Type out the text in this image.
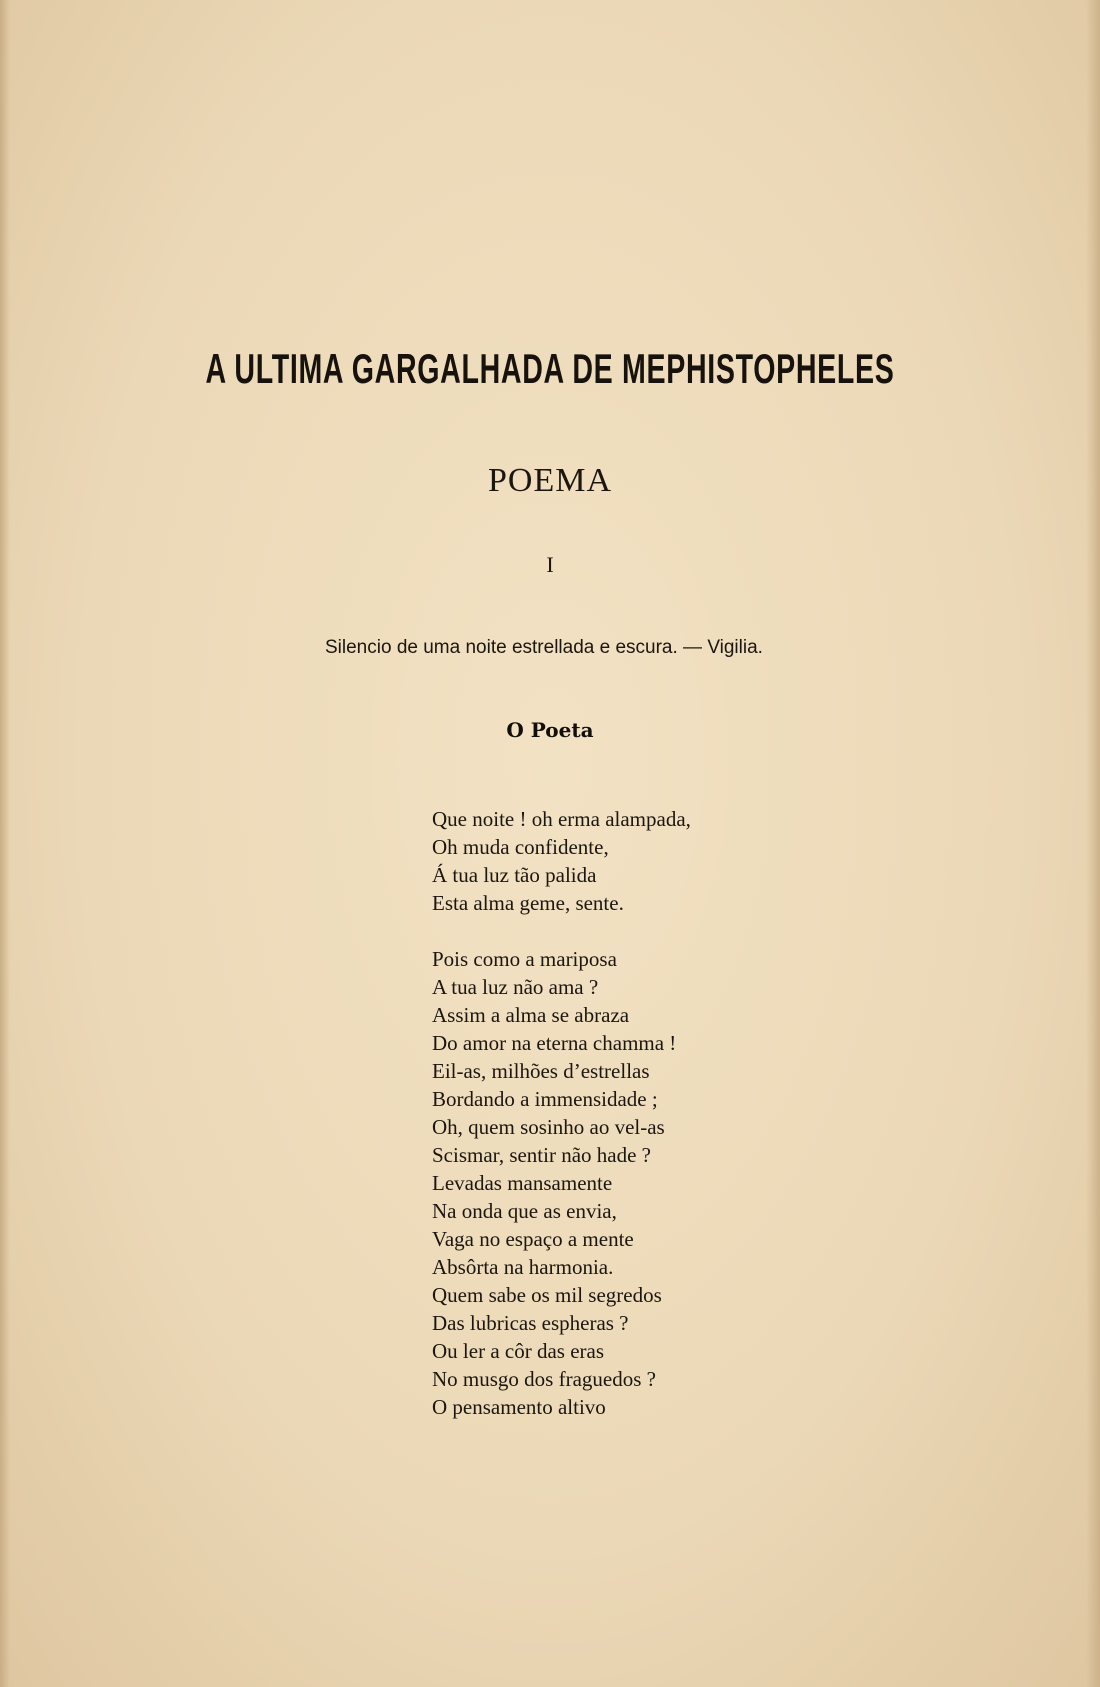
A ULTIMA GARGALHADA DE MEPHISTOPHELES
POEMA
I
Silencio de uma noite estrellada e escura. — Vigilia.
O Poeta
Que noite ! oh erma alampada,
Oh muda confidente,
Á tua luz tão palida
Esta alma geme, sente.
Pois como a mariposa
A tua luz não ama ?
Assim a alma se abraza
Do amor na eterna chamma !
Eil-as, milhões d’estrellas
Bordando a immensidade ;
Oh, quem sosinho ao vel-as
Scismar, sentir não hade ?
Levadas mansamente
Na onda que as envia,
Vaga no espaço a mente
Absôrta na harmonia.
Quem sabe os mil segredos
Das lubricas espheras ?
Ou ler a côr das eras
No musgo dos fraguedos ?
O pensamento altivo
